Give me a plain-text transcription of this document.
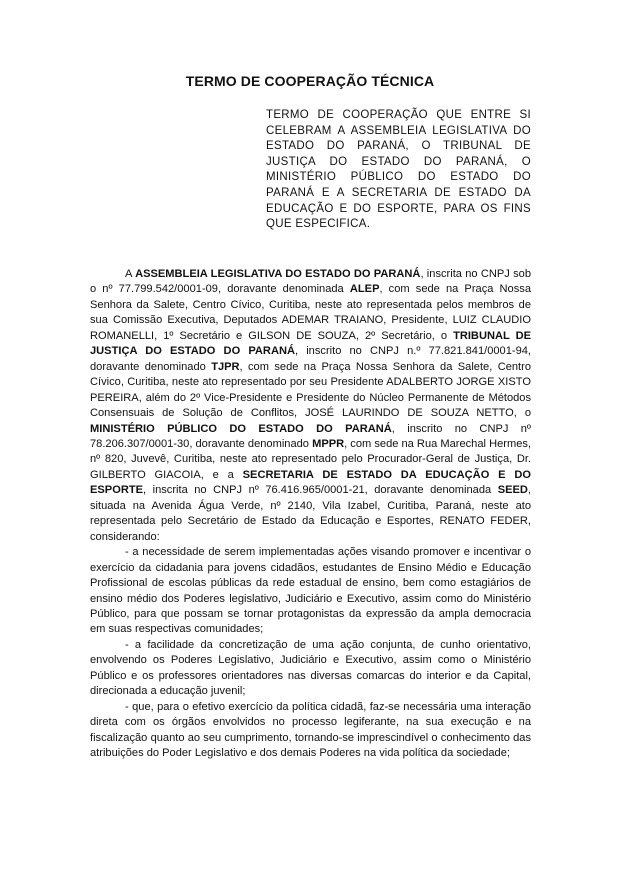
TERMO DE COOPERAÇÃO TÉCNICA
TERMO DE COOPERAÇÃO QUE ENTRE SI CELEBRAM A ASSEMBLEIA LEGISLATIVA DO ESTADO DO PARANÁ, O TRIBUNAL DE JUSTIÇA DO ESTADO DO PARANÁ, O MINISTÉRIO PÚBLICO DO ESTADO DO PARANÁ E A SECRETARIA DE ESTADO DA EDUCAÇÃO E DO ESPORTE, PARA OS FINS QUE ESPECIFICA.

A ASSEMBLEIA LEGISLATIVA DO ESTADO DO PARANÁ, inscrita no CNPJ sob o nº 77.799.542/0001-09, doravante denominada ALEP, com sede na Praça Nossa Senhora da Salete, Centro Cívico, Curitiba, neste ato representada pelos membros de sua Comissão Executiva, Deputados ADEMAR TRAIANO, Presidente, LUIZ CLAUDIO ROMANELLI, 1º Secretário e GILSON DE SOUZA, 2º Secretário, o TRIBUNAL DE JUSTIÇA DO ESTADO DO PARANÁ, inscrito no CNPJ n.º 77.821.841/0001-94, doravante denominado TJPR, com sede na Praça Nossa Senhora da Salete, Centro Cívico, Curitiba, neste ato representado por seu Presidente ADALBERTO JORGE XISTO PEREIRA, além do 2º Vice-Presidente e Presidente do Núcleo Permanente de Métodos Consensuais de Solução de Conflitos, JOSÉ LAURINDO DE SOUZA NETTO, o MINISTÉRIO PÚBLICO DO ESTADO DO PARANÁ, inscrito no CNPJ nº 78.206.307/0001-30, doravante denominado MPPR, com sede na Rua Marechal Hermes, nº 820, Juvevê, Curitiba, neste ato representado pelo Procurador-Geral de Justiça, Dr. GILBERTO GIACOIA, e a SECRETARIA DE ESTADO DA EDUCAÇÃO E DO ESPORTE, inscrita no CNPJ nº 76.416.965/0001-21, doravante denominada SEED, situada na Avenida Água Verde, nº 2140, Vila Izabel, Curitiba, Paraná, neste ato representada pelo Secretário de Estado da Educação e Esportes, RENATO FEDER, considerando:

- a necessidade de serem implementadas ações visando promover e incentivar o exercício da cidadania para jovens cidadãos, estudantes de Ensino Médio e Educação Profissional de escolas públicas da rede estadual de ensino, bem como estagiários de ensino médio dos Poderes legislativo, Judiciário e Executivo, assim como do Ministério Público, para que possam se tornar protagonistas da expressão da ampla democracia em suas respectivas comunidades;

- a facilidade da concretização de uma ação conjunta, de cunho orientativo, envolvendo os Poderes Legislativo, Judiciário e Executivo, assim como o Ministério Público e os professores orientadores nas diversas comarcas do interior e da Capital, direcionada a educação juvenil;

- que, para o efetivo exercício da política cidadã, faz-se necessária uma interação direta com os órgãos envolvidos no processo legiferante, na sua execução e na fiscalização quanto ao seu cumprimento, tornando-se imprescindível o conhecimento das atribuições do Poder Legislativo e dos demais Poderes na vida política da sociedade;
